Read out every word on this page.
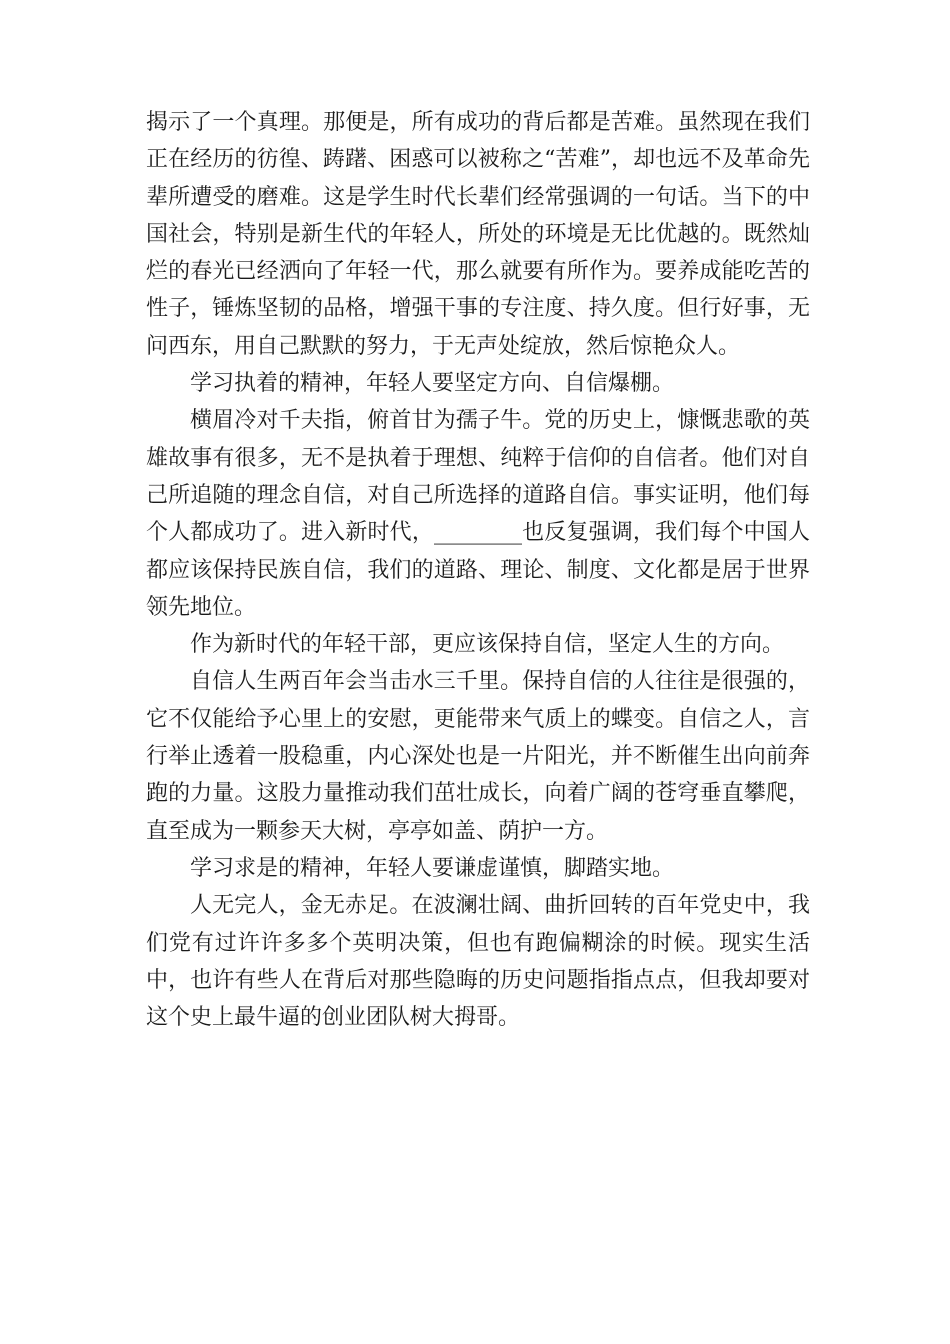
揭示了一个真理。那便是，所有成功的背后都是苦难。虽然现在我们正在经历的彷徨、踌躇、困惑可以被称之“苦难”，却也远不及革命先辈所遭受的磨难。这是学生时代长辈们经常强调的一句话。当下的中国社会，特别是新生代的年轻人，所处的环境是无比优越的。既然灿烂的春光已经洒向了年轻一代，那么就要有所作为。要养成能吃苦的性子，锤炼坚韧的品格，增强干事的专注度、持久度。但行好事，无问西东，用自己默默的努力，于无声处绽放，然后惊艳众人。

学习执着的精神，年轻人要坚定方向、自信爆棚。

横眉冷对千夫指，俯首甘为孺子牛。党的历史上，慷慨悲歌的英雄故事有很多，无不是执着于理想、纯粹于信仰的自信者。他们对自己所追随的理念自信，对自己所选择的道路自信。事实证明，他们每个人都成功了。进入新时代，________也反复强调，我们每个中国人都应该保持民族自信，我们的道路、理论、制度、文化都是居于世界领先地位。

作为新时代的年轻干部，更应该保持自信，坚定人生的方向。

自信人生两百年会当击水三千里。保持自信的人往往是很强的，它不仅能给予心里上的安慰，更能带来气质上的蝶变。自信之人，言行举止透着一股稳重，内心深处也是一片阳光，并不断催生出向前奔跑的力量。这股力量推动我们茁壮成长，向着广阔的苍穹垂直攀爬，直至成为一颗参天大树，亭亭如盖、荫护一方。

学习求是的精神，年轻人要谦虚谨慎，脚踏实地。

人无完人，金无赤足。在波澜壮阔、曲折回转的百年党史中，我们党有过许许多多个英明决策，但也有跑偏糊涂的时候。现实生活中，也许有些人在背后对那些隐晦的历史问题指指点点，但我却要对这个史上最牛逼的创业团队树大拇哥。
